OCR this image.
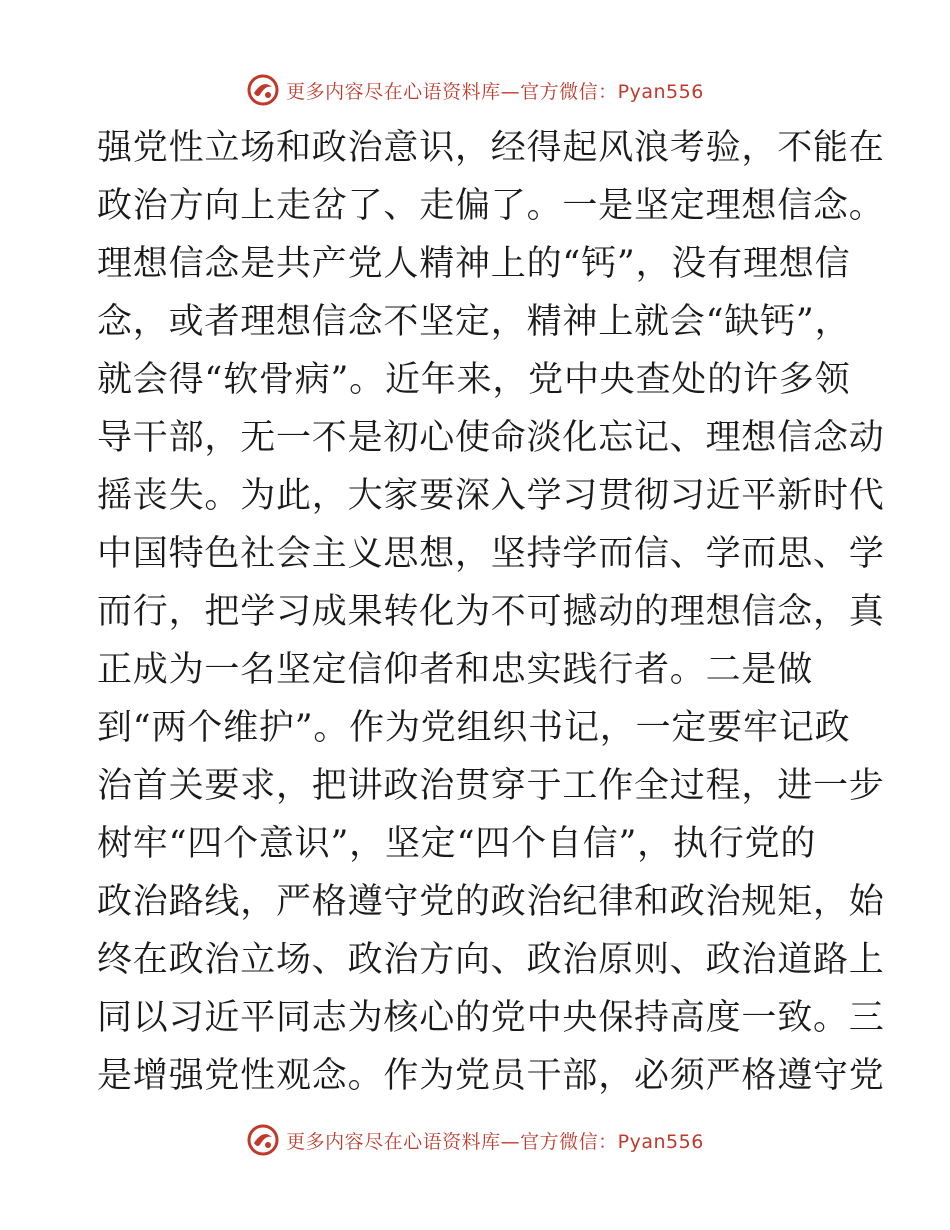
更多内容尽在心语资料库—官方微信：Pyan556
强党性立场和政治意识，经得起风浪考验，不能在
政治方向上走岔了、走偏了。一是坚定理想信念。
理想信念是共产党人精神上的“钙”，没有理想信
念，或者理想信念不坚定，精神上就会“缺钙”，
就会得“软骨病”。近年来，党中央查处的许多领
导干部，无一不是初心使命淡化忘记、理想信念动
摇丧失。为此，大家要深入学习贯彻习近平新时代
中国特色社会主义思想，坚持学而信、学而思、学
而行，把学习成果转化为不可撼动的理想信念，真
正成为一名坚定信仰者和忠实践行者。二是做
到“两个维护”。作为党组织书记，一定要牢记政
治首关要求，把讲政治贯穿于工作全过程，进一步
树牢“四个意识”，坚定“四个自信”，执行党的
政治路线，严格遵守党的政治纪律和政治规矩，始
终在政治立场、政治方向、政治原则、政治道路上
同以习近平同志为核心的党中央保持高度一致。三
是增强党性观念。作为党员干部，必须严格遵守党
更多内容尽在心语资料库—官方微信：Pyan556
